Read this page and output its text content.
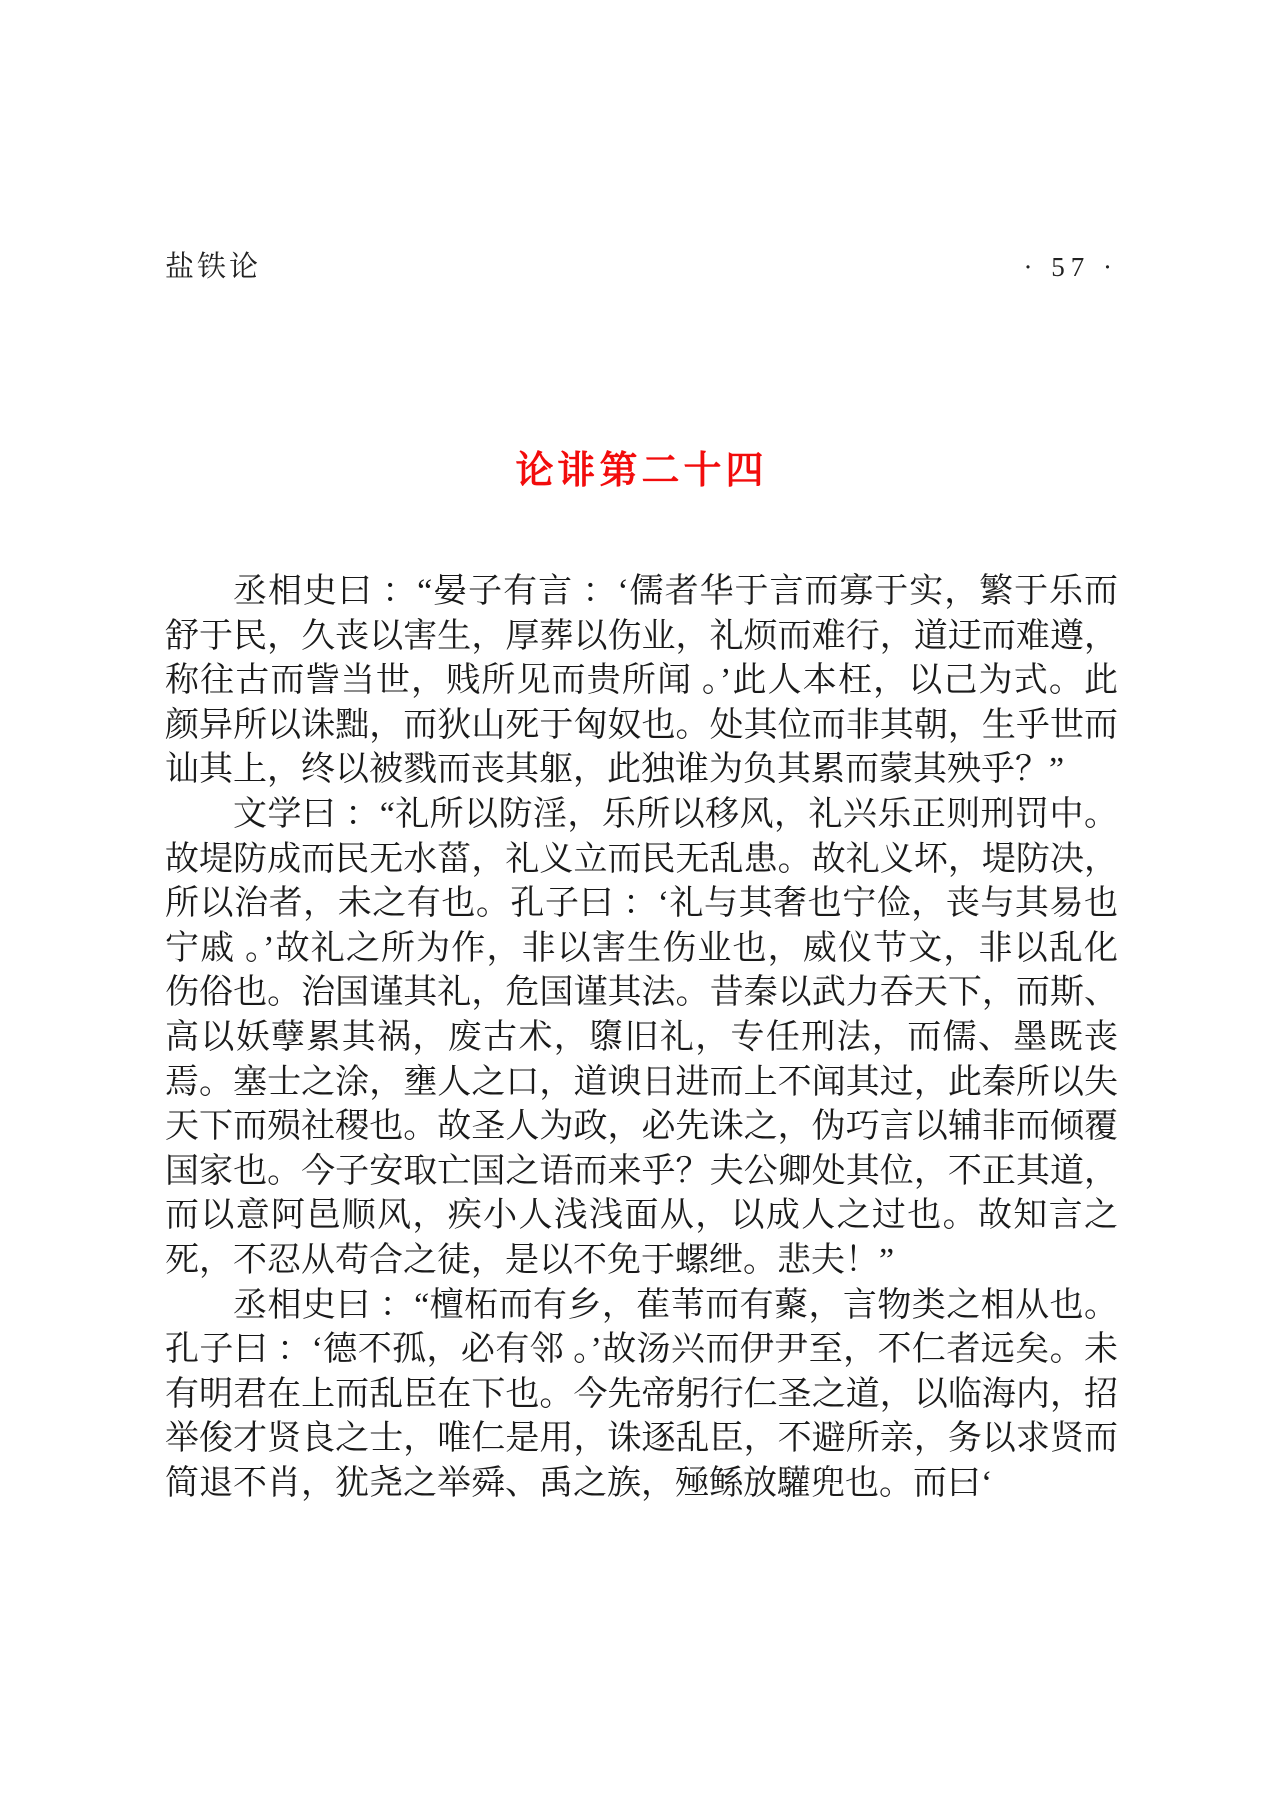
盐铁论	· 57 ·
论诽第二十四

丞相史曰 ：“晏子有言 ：‘儒者华于言而寡于实，繁于乐而舒于民，久丧以害生，厚葬以伤业，礼烦而难行，道迂而难遵，称往古而訾当世，贱所见而贵所闻 。’此人本枉，以己为式。此颜异所以诛黜，而狄山死于匈奴也。处其位而非其朝，生乎世而讪其上，终以被戮而丧其躯，此独谁为负其累而蒙其殃乎？”

文学曰 ：“礼所以防淫，乐所以移风，礼兴乐正则刑罚中。故堤防成而民无水菑，礼义立而民无乱患。故礼义坏，堤防决，所以治者，未之有也。孔子曰 ：‘礼与其奢也宁俭，丧与其易也宁戚 。’故礼之所为作，非以害生伤业也，威仪节文，非以乱化伤俗也。治国谨其礼，危国谨其法。昔秦以武力吞天下，而斯、高以妖孽累其祸，废古术，隳旧礼，专任刑法，而儒、墨既丧焉。塞士之涂，壅人之口，道谀日进而上不闻其过，此秦所以失天下而殒社稷也。故圣人为政，必先诛之，伪巧言以辅非而倾覆国家也。今子安取亡国之语而来乎？夫公卿处其位，不正其道，而以意阿邑顺风，疾小人浅浅面从，以成人之过也。故知言之死，不忍从苟合之徒，是以不免于螺绁。悲夫！”

丞相史曰 ：“檀柘而有乡，萑苇而有藂，言物类之相从也。孔子曰 ：‘德不孤，必有邻 。’故汤兴而伊尹至，不仁者远矣。未有明君在上而乱臣在下也。今先帝躬行仁圣之道，以临海内，招举俊才贤良之士，唯仁是用，诛逐乱臣，不避所亲，务以求贤而简退不肖，犹尧之举舜、禹之族，殛鲧放驩兜也。而曰‘
